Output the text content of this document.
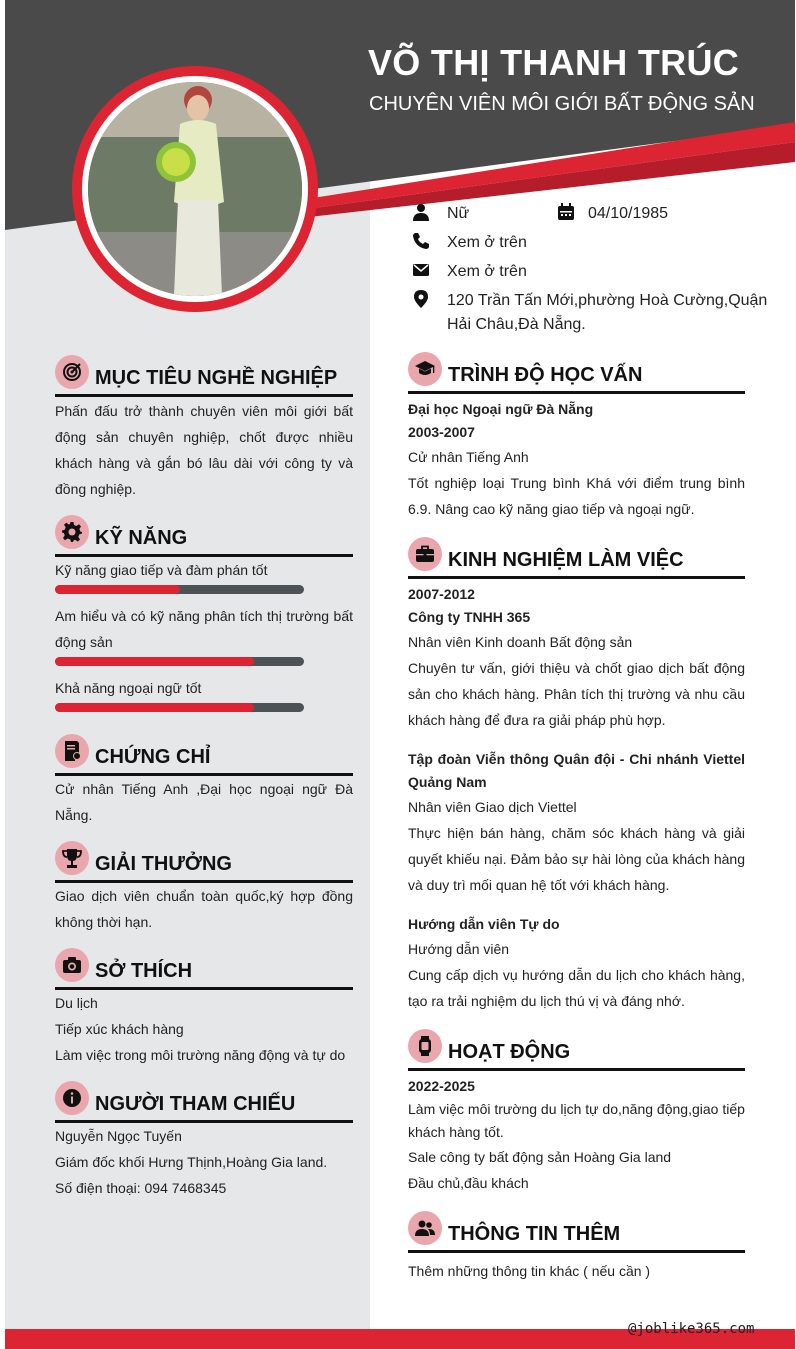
VÕ THỊ THANH TRÚC
CHUYÊN VIÊN MÔI GIỚI BẤT ĐỘNG SẢN
Nữ	04/10/1985
Xem ở trên
Xem ở trên
120 Trần Tấn Mới,phường Hoà Cường,Quận
Hải Châu,Đà Nẵng.
MỤC TIÊU NGHỀ NGHIỆP
Phấn đấu trở thành chuyên viên môi giới bất động sản chuyên nghiệp, chốt được nhiều khách hàng và gắn bó lâu dài với công ty và đồng nghiệp.
KỸ NĂNG
Kỹ năng giao tiếp và đàm phán tốt
Am hiểu và có kỹ năng phân tích thị trường bất động sản
Khả năng ngoại ngữ tốt
CHỨNG CHỈ
Cử nhân Tiếng Anh ,Đại học ngoại ngữ Đà Nẵng.
GIẢI THƯỞNG
Giao dịch viên chuẩn toàn quốc,ký hợp đồng không thời hạn.
SỞ THÍCH
Du lịch
Tiếp xúc khách hàng
Làm việc trong môi trường năng động và tự do
NGƯỜI THAM CHIẾU
Nguyễn Ngọc Tuyến
Giám đốc khối Hưng Thịnh,Hoàng Gia land.
Số điện thoại: 094 7468345
TRÌNH ĐỘ HỌC VẤN
Đại học Ngoại ngữ Đà Nẵng
2003-2007
Cử nhân Tiếng Anh
Tốt nghiệp loại Trung bình Khá với điểm trung bình 6.9. Nâng cao kỹ năng giao tiếp và ngoại ngữ.
KINH NGHIỆM LÀM VIỆC
2007-2012
Công ty TNHH 365
Nhân viên Kinh doanh Bất động sản
Chuyên tư vấn, giới thiệu và chốt giao dịch bất động sản cho khách hàng. Phân tích thị trường và nhu cầu khách hàng để đưa ra giải pháp phù hợp.
Tập đoàn Viễn thông Quân đội - Chi nhánh Viettel Quảng Nam
Nhân viên Giao dịch Viettel
Thực hiện bán hàng, chăm sóc khách hàng và giải quyết khiếu nại. Đảm bảo sự hài lòng của khách hàng và duy trì mối quan hệ tốt với khách hàng.
Hướng dẫn viên Tự do
Hướng dẫn viên
Cung cấp dịch vụ hướng dẫn du lịch cho khách hàng, tạo ra trải nghiệm du lịch thú vị và đáng nhớ.
HOẠT ĐỘNG
2022-2025
Làm việc môi trường du lịch tự do,năng động,giao tiếp khách hàng tốt.
Sale công ty bất động sản Hoàng Gia land
Đầu chủ,đầu khách
THÔNG TIN THÊM
Thêm những thông tin khác ( nếu cần )
@joblike365.com
